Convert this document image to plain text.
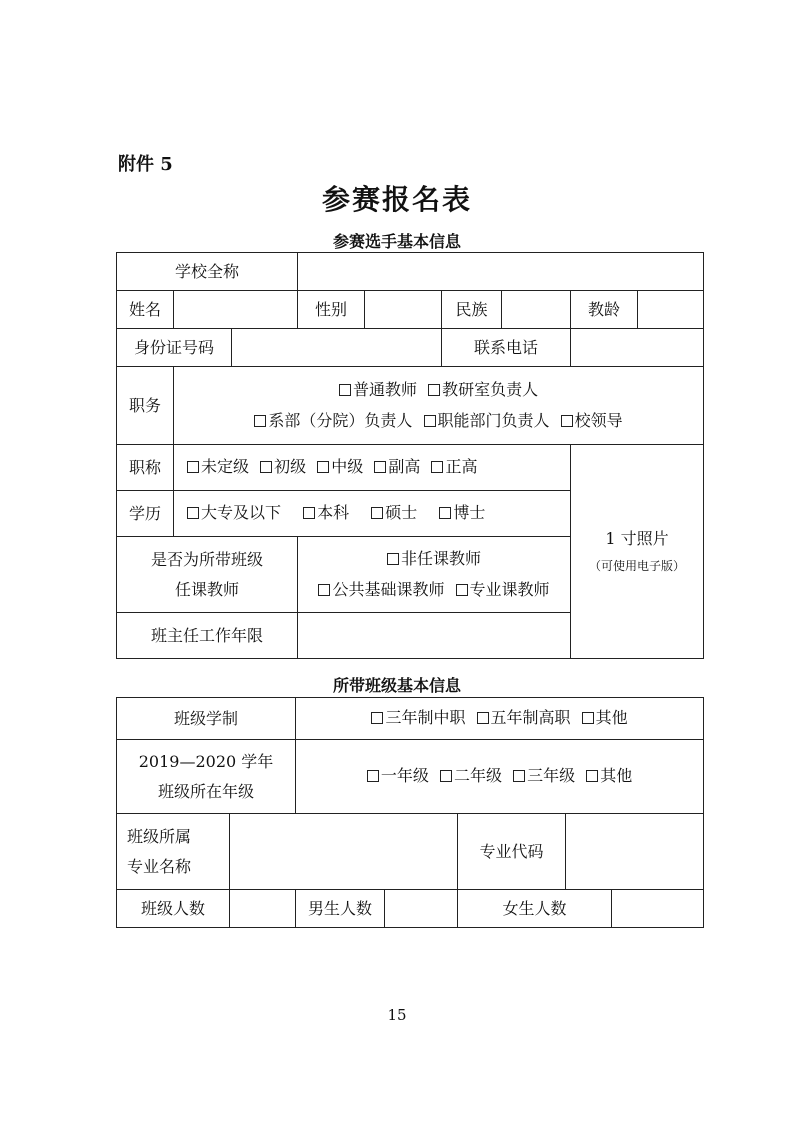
附件 5
参赛报名表
参赛选手基本信息
学校全称								
姓名			性别		民族		教龄	
身份证号码					联系电话			
职务	普通教师
教研室负责人
系部（分院）负责人
职能部门负责人
校领导							

职称	未定级
初级
中级
副高
正高						1 寸照片
（可使用电子版）	

学历	大专及以下
本科
硕士
博士							

是否为所带班级
任课教师			非任课教师
公共基础课教师
专业课教师					

班主任工作年限								
所带班级基本信息
班级学制		三年制中职
五年制高职
其他				

2019—2020 学年
班级所在年级		一年级
二年级
三年级
其他				

班级所属
专业名称				专业代码		
班级人数		男生人数		女生人数		
15
